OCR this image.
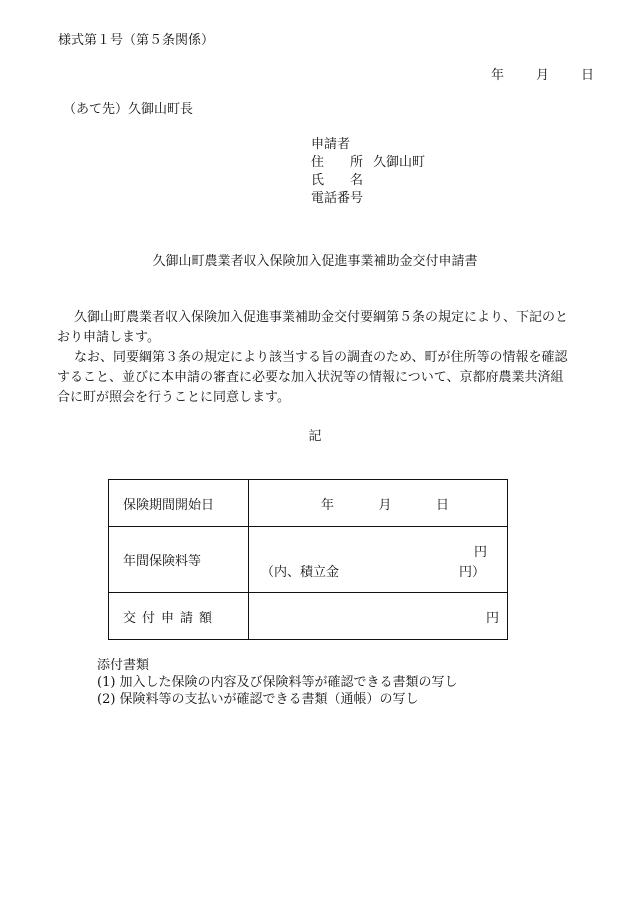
様式第１号（第５条関係）
年 月 日
（あて先）久御山町長
申請者
住　　所 久御山町
氏　　名
電話番号
久御山町農業者収入保険加入促進事業補助金交付申請書

久御山町農業者収入保険加入促進事業補助金交付要綱第５条の規定により、下記のと

おり申請します。

なお、同要綱第３条の規定により該当する旨の調査のため、町が住所等の情報を確認

すること、並びに本申請の審査に必要な加入状況等の情報について、京都府農業共済組

合に町が照会を行うことに同意します。

記
保険期間開始日	年 月 日

年間保険料等	円
（内、積立金 円）

交付申請額	円
添付書類
(1) 加入した保険の内容及び保険料等が確認できる書類の写し
(2) 保険料等の支払いが確認できる書類（通帳）の写し
